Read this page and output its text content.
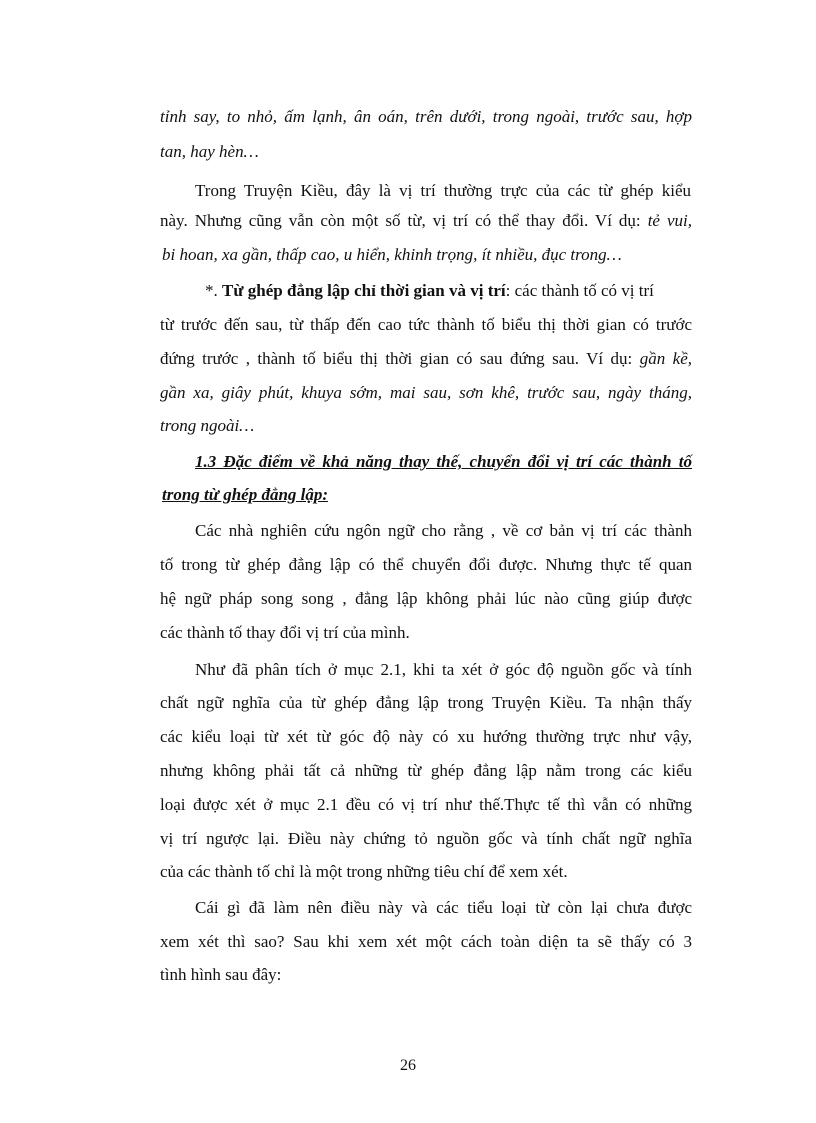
tỉnh say, to nhỏ, ấm lạnh, ân oán, trên dưới, trong ngoài, trước sau, hợp
tan, hay hèn…
Trong Truyện Kiều, đây là vị trí thường trực của các từ ghép kiểu
này. Nhưng cũng vẫn còn một số từ, vị trí có thể thay đổi. Ví dụ: tẻ vui,
bi hoan, xa gần, thấp cao, u hiển, khinh trọng, ít nhiều, đục trong…
*. Từ ghép đẳng lập chỉ thời gian và vị trí: các thành tố có vị trí
từ trước đến sau, từ thấp đến cao tức thành tố biểu thị thời gian có trước
đứng trước , thành tố biểu thị thời gian có sau đứng sau. Ví dụ: gần kề,
gần xa, giây phút, khuya sớm, mai sau, sơn khê, trước sau, ngày tháng,
trong ngoài…
1.3 Đặc điểm về khả năng thay thế, chuyển đổi vị trí các thành tố
trong từ ghép đẳng lập:
Các nhà nghiên cứu ngôn ngữ cho rằng , về cơ bản vị trí các thành
tố trong từ ghép đẳng lập có thể chuyển đổi được. Nhưng thực tế quan
hệ ngữ pháp song song , đẳng lập không phải lúc nào cũng giúp được
các thành tố thay đổi vị trí của mình.
Như đã phân tích ở mục 2.1, khi ta xét ở góc độ nguồn gốc và tính
chất ngữ nghĩa của từ ghép đẳng lập trong Truyện Kiều. Ta nhận thấy
các kiểu loại từ xét từ góc độ này có xu hướng thường trực như vậy,
nhưng không phải tất cả những từ ghép đẳng lập nằm trong các kiểu
loại được xét ở mục 2.1 đều có vị trí như thế.Thực tế thì vẫn có những
vị trí ngược lại. Điều này chứng tỏ nguồn gốc và tính chất ngữ nghĩa
của các thành tố chỉ là một trong những tiêu chí để xem xét.
Cái gì đã làm nên điều này và các tiểu loại từ còn lại chưa được
xem xét thì sao? Sau khi xem xét một cách toàn diện ta sẽ thấy có 3
tình hình sau đây:
26
